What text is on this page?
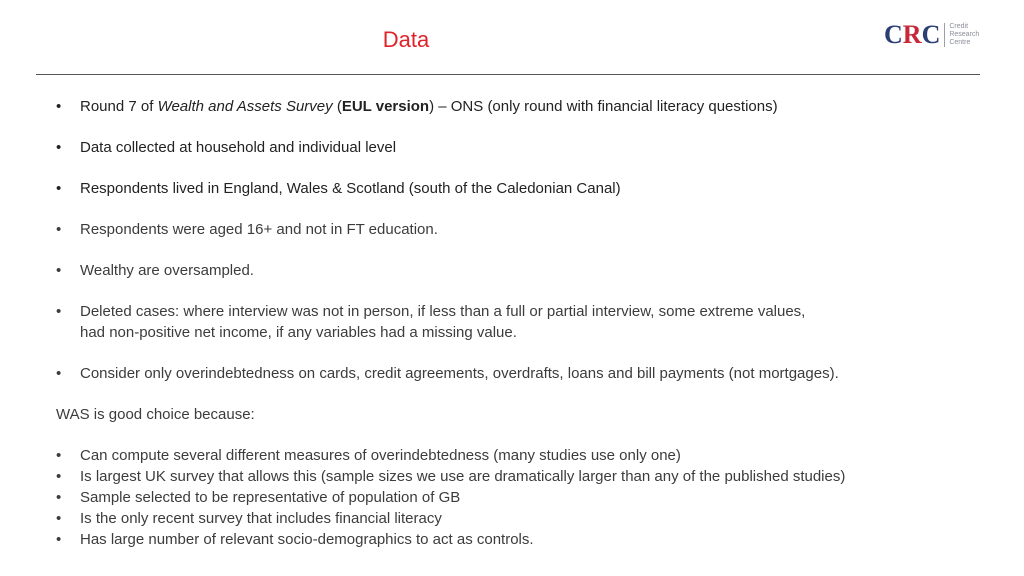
Data	CRC Credit
Research
Centre
•	Round 7 of Wealth and Assets Survey (EUL version) – ONS (only round with financial literacy questions)
•	Data collected at household and individual level
•	Respondents lived in England, Wales & Scotland (south of the Caledonian Canal)
•	Respondents were aged 16+ and not in FT education.
•	Wealthy are oversampled.
•	Deleted cases: where interview was not in person, if less than a full or partial interview, some extreme values,
had non-positive net income, if any variables had a missing value.
•	Consider only overindebtedness on cards, credit agreements, overdrafts, loans and bill payments (not mortgages).
WAS is good choice because:
•	Can compute several different measures of overindebtedness (many studies use only one)
•	Is largest UK survey that allows this (sample sizes we use are dramatically larger than any of the published studies)
•	Sample selected to be representative of population of GB
•	Is the only recent survey that includes financial literacy
•	Has large number of relevant socio-demographics to act as controls.
